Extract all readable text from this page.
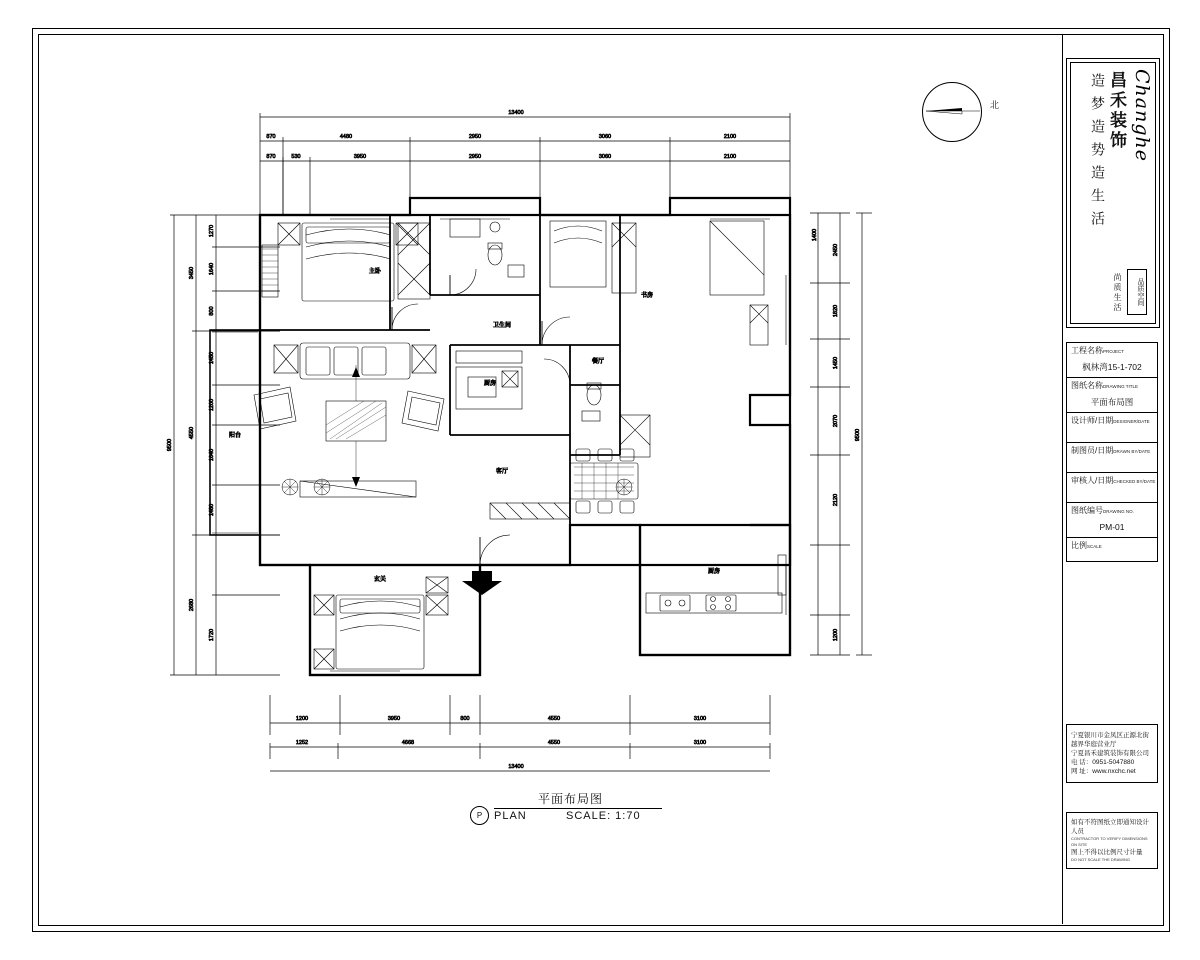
北
13400
870	4480	2950	3060	2100
870	530	3950	2950	3060	2100
9500
3450
4550
2680
1270
1640
800
1450
1200
1640
1480
1720
2450
1820
1450
2070
2120
1200
9500
1400
1200	3950	800	4550	3100
1252	4668	4550	3100
13400
主卧
书房
卫生间
客厅
阳台
餐厅
厨房
玄关
厨房
P
平面布局图
PLAN	SCALE: 1:70
Changhe
昌禾装饰
造梦造势造生活
品质空间
尚质生活
工程名称PROJECT
枫林湾15-1-702
图纸名称DRAWING TITLE
平面布局图
设计师/日期DESIGNER/DATE
制图员/日期DRAWN BY/DATE
审核人/日期CHECKED BY/DATE
图纸编号DRAWING NO.
PM-01
比例SCALE
宁夏银川市金凤区正源北街
越界华庭营业厅
宁夏昌禾建筑装饰有限公司
电 话：0951-5047880
网 址：www.nxchc.net
如有不符图纸立即通知设计人员
CONTRACTOR TO VERIFY DIMENSIONS ON SITE
图上不得以比例尺寸计量
DO NOT SCALE THE DRAWING
